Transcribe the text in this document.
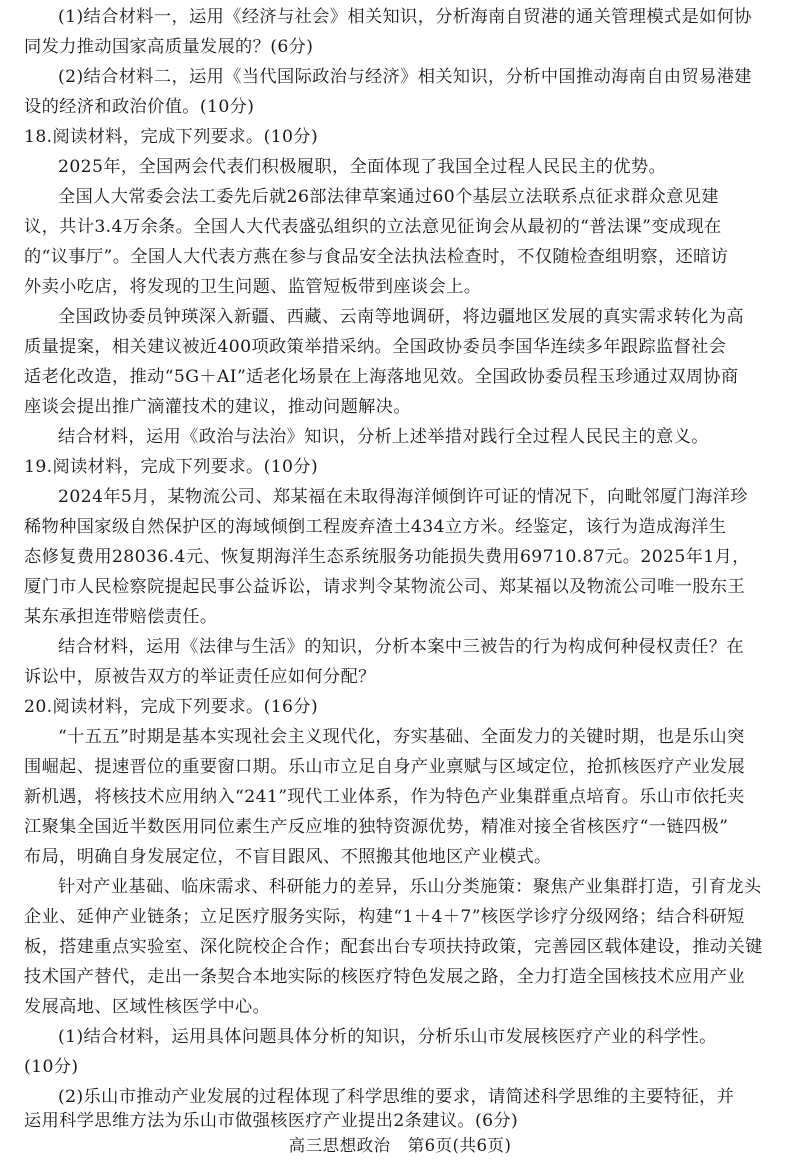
(1)结合材料一，运用《经济与社会》相关知识，分析海南自贸港的通关管理模式是如何协
同发力推动国家高质量发展的？(6分)
(2)结合材料二，运用《当代国际政治与经济》相关知识，分析中国推动海南自由贸易港建
设的经济和政治价值。(10分)
18.阅读材料，完成下列要求。(10分)
2025年，全国两会代表们积极履职，全面体现了我国全过程人民民主的优势。
全国人大常委会法工委先后就26部法律草案通过60个基层立法联系点征求群众意见建
议，共计3.4万余条。全国人大代表盛弘组织的立法意见征询会从最初的“普法课”变成现在
的“议事厅”。全国人大代表方燕在参与食品安全法执法检查时，不仅随检查组明察，还暗访
外卖小吃店，将发现的卫生问题、监管短板带到座谈会上。
全国政协委员钟瑛深入新疆、西藏、云南等地调研，将边疆地区发展的真实需求转化为高
质量提案，相关建议被近400项政策举措采纳。全国政协委员李国华连续多年跟踪监督社会
适老化改造，推动“5G＋AI”适老化场景在上海落地见效。全国政协委员程玉珍通过双周协商
座谈会提出推广滴灌技术的建议，推动问题解决。
结合材料，运用《政治与法治》知识，分析上述举措对践行全过程人民民主的意义。
19.阅读材料，完成下列要求。(10分)
2024年5月，某物流公司、郑某福在未取得海洋倾倒许可证的情况下，向毗邻厦门海洋珍
稀物种国家级自然保护区的海域倾倒工程废弃渣土434立方米。经鉴定，该行为造成海洋生
态修复费用28036.4元、恢复期海洋生态系统服务功能损失费用69710.87元。2025年1月，
厦门市人民检察院提起民事公益诉讼，请求判令某物流公司、郑某福以及物流公司唯一股东王
某东承担连带赔偿责任。
结合材料，运用《法律与生活》的知识，分析本案中三被告的行为构成何种侵权责任？在
诉讼中，原被告双方的举证责任应如何分配？
20.阅读材料，完成下列要求。(16分)
“十五五”时期是基本实现社会主义现代化，夯实基础、全面发力的关键时期，也是乐山突
围崛起、提速晋位的重要窗口期。乐山市立足自身产业禀赋与区域定位，抢抓核医疗产业发展
新机遇，将核技术应用纳入“241”现代工业体系，作为特色产业集群重点培育。乐山市依托夹
江聚集全国近半数医用同位素生产反应堆的独特资源优势，精准对接全省核医疗“一链四极”
布局，明确自身发展定位，不盲目跟风、不照搬其他地区产业模式。
针对产业基础、临床需求、科研能力的差异，乐山分类施策：聚焦产业集群打造，引育龙头
企业、延伸产业链条；立足医疗服务实际，构建“1＋4＋7”核医学诊疗分级网络；结合科研短
板，搭建重点实验室、深化院校企合作；配套出台专项扶持政策，完善园区载体建设，推动关键
技术国产替代，走出一条契合本地实际的核医疗特色发展之路，全力打造全国核技术应用产业
发展高地、区域性核医学中心。
(1)结合材料，运用具体问题具体分析的知识，分析乐山市发展核医疗产业的科学性。
(10分)
(2)乐山市推动产业发展的过程体现了科学思维的要求，请简述科学思维的主要特征，并
运用科学思维方法为乐山市做强核医疗产业提出2条建议。(6分)
高三思想政治　第6页(共6页)
